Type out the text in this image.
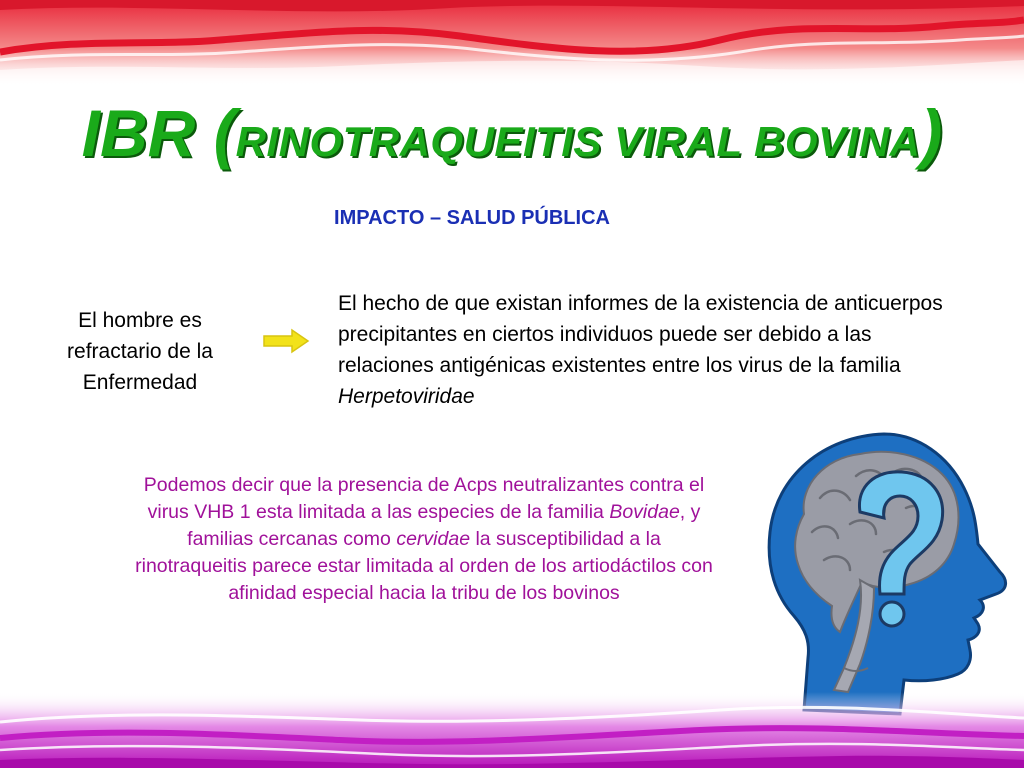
IBR (RINOTRAQUEITIS VIRAL BOVINA)
IMPACTO – SALUD PÚBLICA
El hombre es refractario de la Enfermedad
El hecho de que existan informes de la existencia de anticuerpos precipitantes en ciertos individuos puede ser debido a las relaciones antigénicas existentes entre los virus de la familia Herpetoviridae
Podemos decir que la presencia de Acps neutralizantes contra el virus VHB 1 esta limitada a las especies de la familia Bovidae, y familias cercanas como cervidae la susceptibilidad a la rinotraqueitis parece estar limitada al orden de los artiodáctilos con afinidad especial hacia la tribu de los bovinos
